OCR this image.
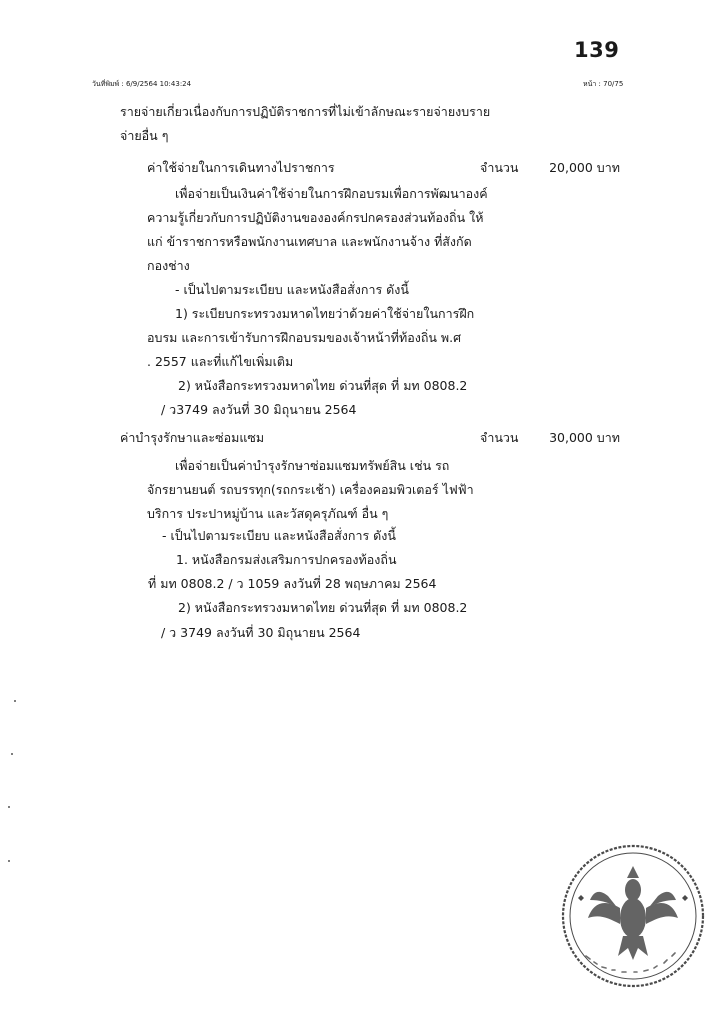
139
วันที่พิมพ์ : 6/9/2564 10:43:24	หน้า : 70/75
รายจ่ายเกี่ยวเนื่องกับการปฏิบัติราชการที่ไม่เข้าลักษณะรายจ่ายงบราย
จ่ายอื่น ๆ
ค่าใช้จ่ายในการเดินทางไปราชการ	จำนวน	20,000 บาท
เพื่อจ่ายเป็นเงินค่าใช้จ่ายในการฝึกอบรมเพื่อการพัฒนาองค์
ความรู้เกี่ยวกับการปฏิบัติงานขององค์กรปกครองส่วนท้องถิ่น ให้
แก่ ข้าราชการหรือพนักงานเทศบาล และพนักงานจ้าง ที่สังกัด
กองช่าง
- เป็นไปตามระเบียบ และหนังสือสั่งการ ดังนี้
1) ระเบียบกระทรวงมหาดไทยว่าด้วยค่าใช้จ่ายในการฝึก
อบรม และการเข้ารับการฝึกอบรมของเจ้าหน้าที่ท้องถิ่น พ.ศ
. 2557 และที่แก้ไขเพิ่มเติม
2) หนังสือกระทรวงมหาดไทย ด่วนที่สุด ที่ มท 0808.2
/ ว3749 ลงวันที่ 30 มิถุนายน 2564
ค่าบำรุงรักษาและซ่อมแซม	จำนวน	30,000 บาท
เพื่อจ่ายเป็นค่าบำรุงรักษาซ่อมแซมทรัพย์สิน เช่น รถ
จักรยานยนต์ รถบรรทุก(รถกระเช้า) เครื่องคอมพิวเตอร์ ไฟฟ้า
บริการ ประปาหมู่บ้าน และวัสดุครุภัณฑ์ อื่น ๆ
- เป็นไปตามระเบียบ และหนังสือสั่งการ ดังนี้
1. หนังสือกรมส่งเสริมการปกครองท้องถิ่น
ที่ มท 0808.2 / ว 1059 ลงวันที่ 28 พฤษภาคม 2564
2) หนังสือกระทรวงมหาดไทย ด่วนที่สุด ที่ มท 0808.2
/ ว 3749 ลงวันที่ 30 มิถุนายน 2564
